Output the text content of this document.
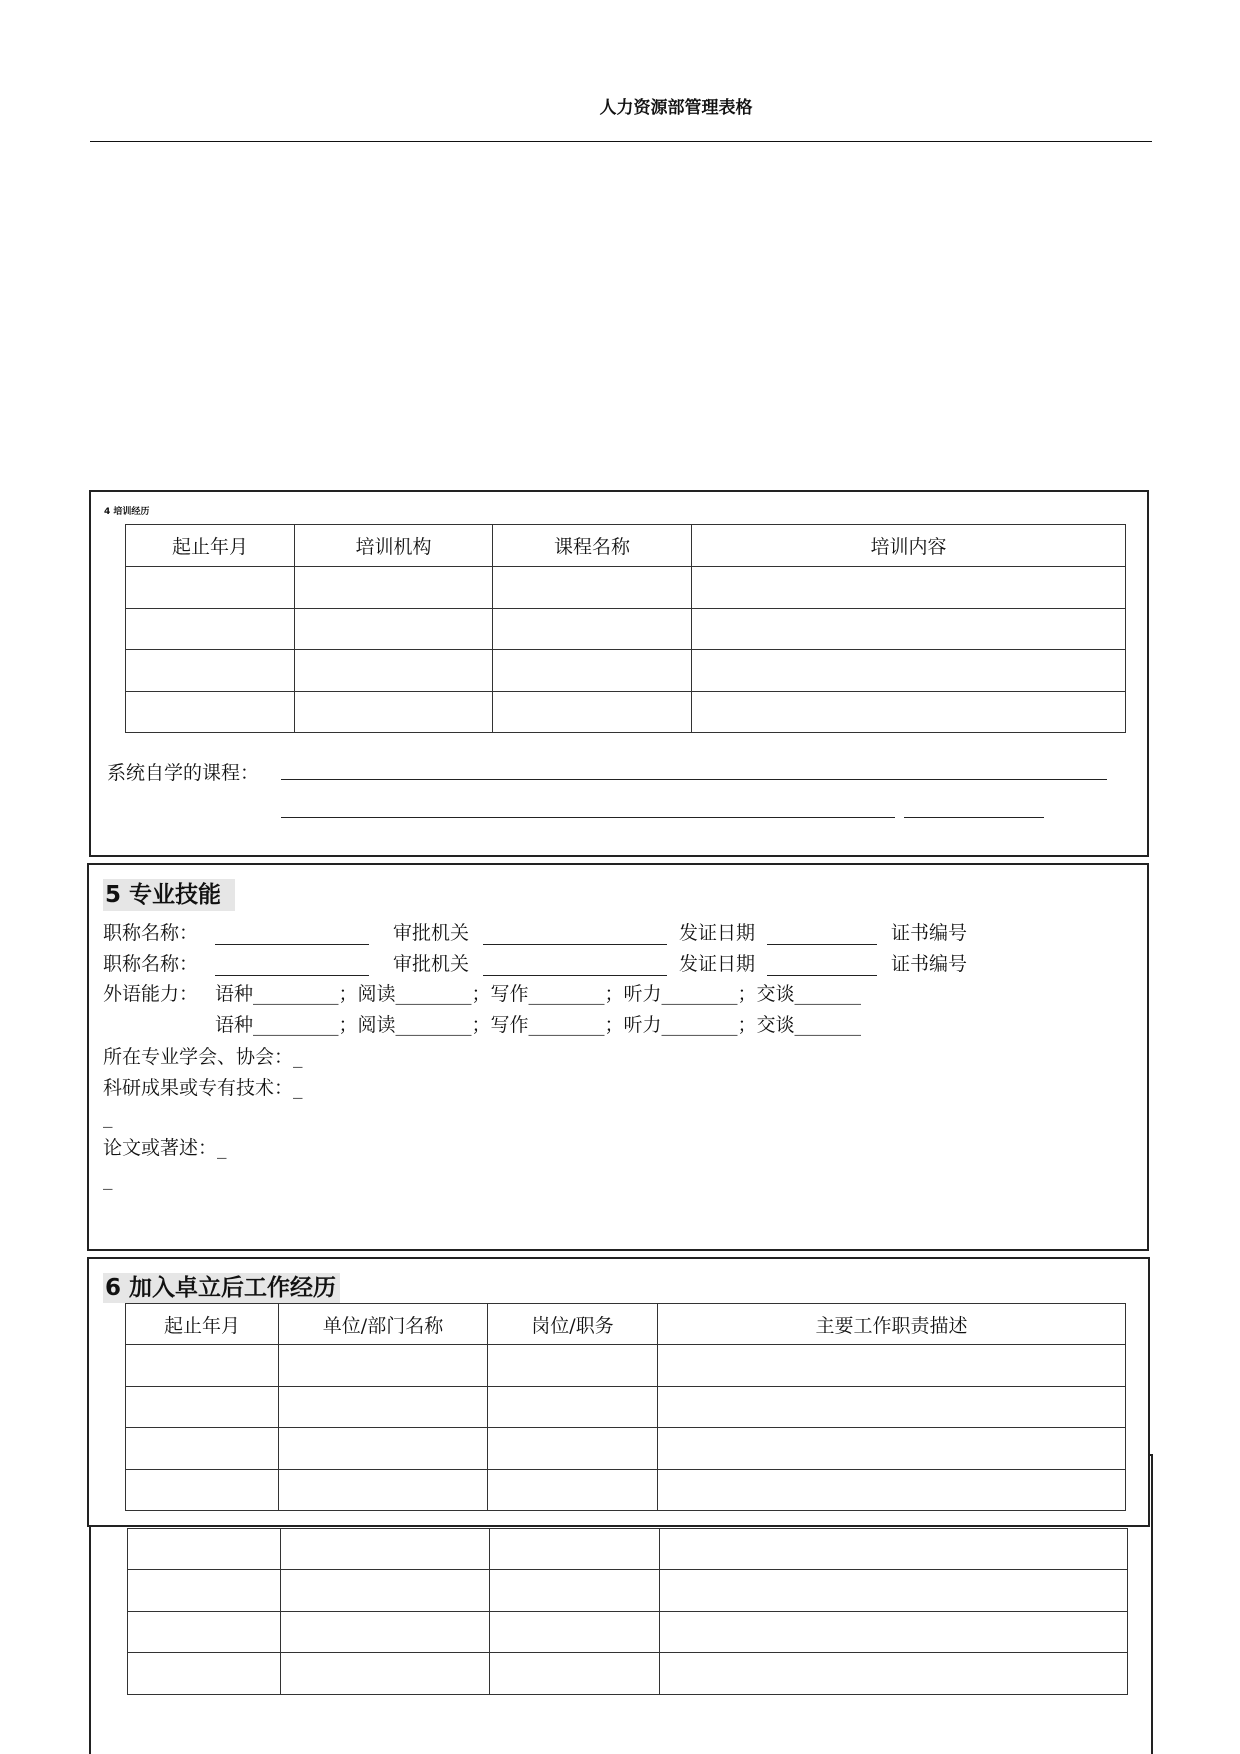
人力资源部管理表格
4 培训经历
起止年月	培训机构	课程名称	培训内容

系统自学的课程：
5 专业技能
职称名称：	审批机关	发证日期	证书编号
职称名称：	审批机关	发证日期	证书编号
外语能力： 语种_________；阅读________；写作________；听力________；交谈_______
语种_________；阅读________；写作________；听力________；交谈_______
所在专业学会、协会：_
科研成果或专有技术：_
_
论文或著述：_
_

6 加入卓立后工作经历
起止年月	单位/部门名称	岗位/职务	主要工作职责描述
